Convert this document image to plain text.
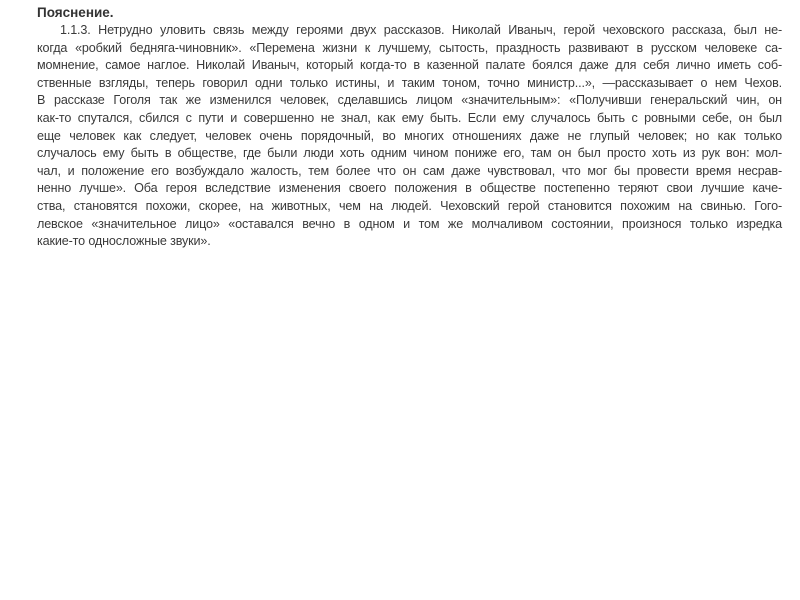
Пояснение.
1.1.3. Нетрудно уловить связь между героями двух рассказов. Николай Иваныч, герой чеховского рассказа, был не-
когда «робкий бедняга-чиновник». «Перемена жизни к лучшему, сытость, праздность развивают в русском человеке са-
момнение, самое наглое. Николай Иваныч, который когда-то в казенной палате боялся даже для себя лично иметь соб-
ственные взгляды, теперь говорил одни только истины, и таким тоном, точно министр...», —рассказывает о нем Чехов.
В рассказе Гоголя так же изменился человек, сделавшись лицом «значительным»: «Получивши генеральский чин, он
как-то спутался, сбился с пути и совершенно не знал, как ему быть. Если ему случалось быть с ровными себе, он был
еще человек как следует, человек очень порядочный, во многих отношениях даже не глупый человек; но как только
случалось ему быть в обществе, где были люди хоть одним чином пониже его, там он был просто хоть из рук вон: мол-
чал, и положение его возбуждало жалость, тем более что он сам даже чувствовал, что мог бы провести время несрав-
ненно лучше». Оба героя вследствие изменения своего положения в обществе постепенно теряют свои лучшие каче-
ства, становятся похожи, скорее, на животных, чем на людей. Чеховский герой становится похожим на свинью. Гого-
левское «значительное лицо» «оставался вечно в одном и том же молчаливом состоянии, произнося только изредка
какие-то односложные звуки».
